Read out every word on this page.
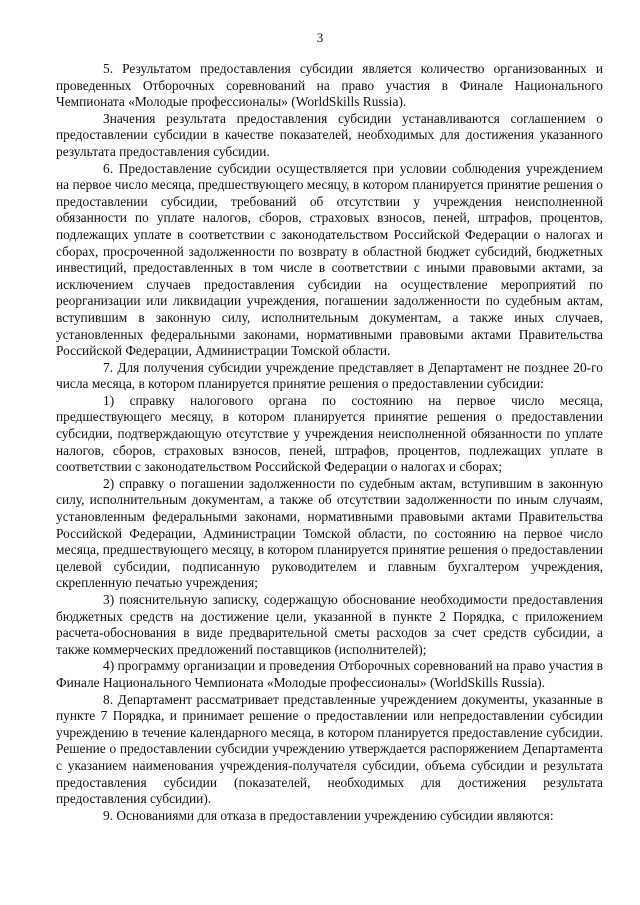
3

5. Результатом предоставления субсидии является количество организованных и проведенных Отборочных соревнований на право участия в Финале Национального Чемпионата «Молодые профессионалы» (WorldSkills Russia).

Значения результата предоставления субсидии устанавливаются соглашением о предоставлении субсидии в качестве показателей, необходимых для достижения указанного результата предоставления субсидии.

6. Предоставление субсидии осуществляется при условии соблюдения учреждением на первое число месяца, предшествующего месяцу, в котором планируется принятие решения о предоставлении субсидии, требований об отсутствии у учреждения неисполненной обязанности по уплате налогов, сборов, страховых взносов, пеней, штрафов, процентов, подлежащих уплате в соответствии с законодательством Российской Федерации о налогах и сборах, просроченной задолженности по возврату в областной бюджет субсидий, бюджетных инвестиций, предоставленных в том числе в соответствии с иными правовыми актами, за исключением случаев предоставления субсидии на осуществление мероприятий по реорганизации или ликвидации учреждения, погашении задолженности по судебным актам, вступившим в законную силу, исполнительным документам, а также иных случаев, установленных федеральными законами, нормативными правовыми актами Правительства Российской Федерации, Администрации Томской области.

7. Для получения субсидии учреждение представляет в Департамент не позднее 20-го числа месяца, в котором планируется принятие решения о предоставлении субсидии:

1) справку налогового органа по состоянию на первое число месяца, предшествующего месяцу, в котором планируется принятие решения о предоставлении субсидии, подтверждающую отсутствие у учреждения неисполненной обязанности по уплате налогов, сборов, страховых взносов, пеней, штрафов, процентов, подлежащих уплате в соответствии с законодательством Российской Федерации о налогах и сборах;

2) справку о погашении задолженности по судебным актам, вступившим в законную силу, исполнительным документам, а также об отсутствии задолженности по иным случаям, установленным федеральными законами, нормативными правовыми актами Правительства Российской Федерации, Администрации Томской области, по состоянию на первое число месяца, предшествующего месяцу, в котором планируется принятие решения о предоставлении целевой субсидии, подписанную руководителем и главным бухгалтером учреждения, скрепленную печатью учреждения;

3) пояснительную записку, содержащую обоснование необходимости предоставления бюджетных средств на достижение цели, указанной в пункте 2 Порядка, с приложением расчета-обоснования в виде предварительной сметы расходов за счет средств субсидии, а также коммерческих предложений поставщиков (исполнителей);

4) программу организации и проведения Отборочных соревнований на право участия в Финале Национального Чемпионата «Молодые профессионалы» (WorldSkills Russia).

8. Департамент рассматривает представленные учреждением документы, указанные в пункте 7 Порядка, и принимает решение о предоставлении или непредоставлении субсидии учреждению в течение календарного месяца, в котором планируется предоставление субсидии. Решение о предоставлении субсидии учреждению утверждается распоряжением Департамента с указанием наименования учреждения-получателя субсидии, объема субсидии и результата предоставления субсидии (показателей, необходимых для достижения результата предоставления субсидии).

9. Основаниями для отказа в предоставлении учреждению субсидии являются:
